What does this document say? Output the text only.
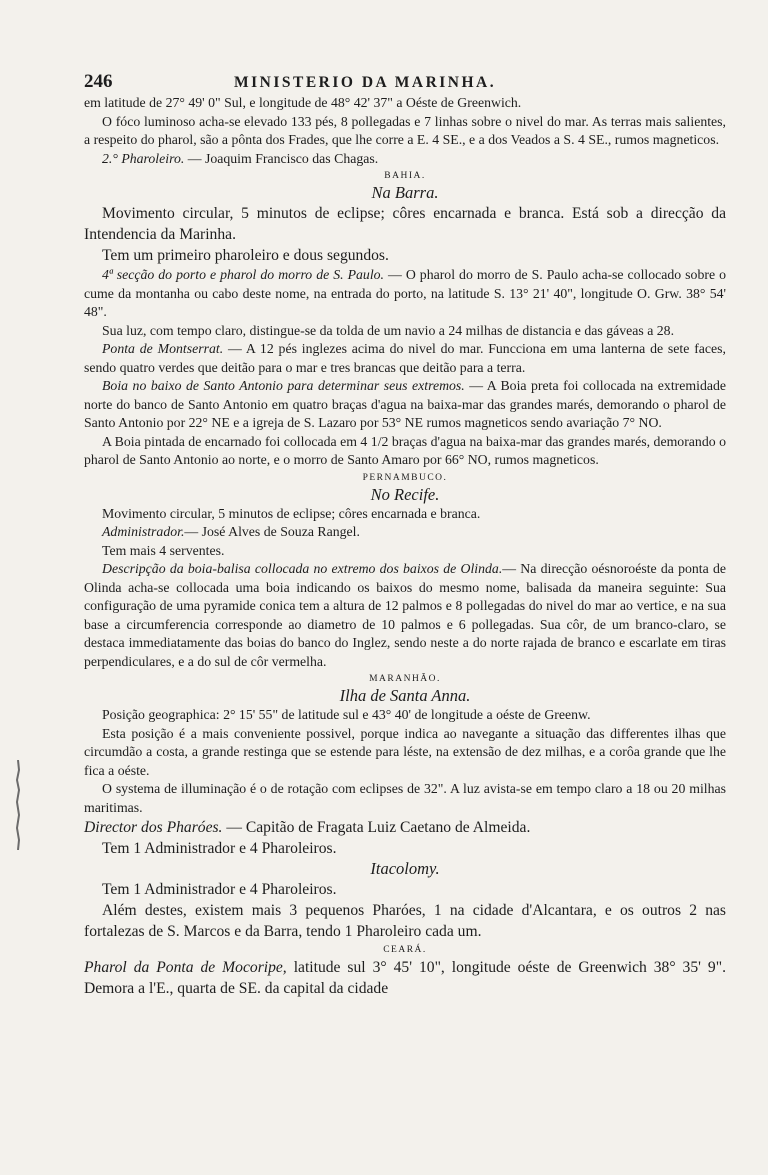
246	MINISTERIO DA MARINHA.

em latitude de 27° 49' 0" Sul, e longitude de 48° 42' 37" a Oéste de Greenwich.

O fóco luminoso acha-se elevado 133 pés, 8 pollegadas e 7 linhas sobre o nivel do mar. As terras mais salientes, a respeito do pharol, são a pônta dos Frades, que lhe corre a E. 4 SE., e a dos Veados a S. 4 SE., rumos magneticos.

2.° Pharoleiro. — Joaquim Francisco das Chagas.

BAHIA.
Na Barra.

Movimento circular, 5 minutos de eclipse; côres encarnada e branca. Está sob a direcção da Intendencia da Marinha.

Tem um primeiro pharoleiro e dous segundos.

4ª secção do porto e pharol do morro de S. Paulo. — O pharol do morro de S. Paulo acha-se collocado sobre o cume da montanha ou cabo deste nome, na entrada do porto, na latitude S. 13° 21' 40", longitude O. Grw. 38° 54' 48".

Sua luz, com tempo claro, distingue-se da tolda de um navio a 24 milhas de distancia e das gáveas a 28.

Ponta de Montserrat. — A 12 pés inglezes acima do nivel do mar. Funcciona em uma lanterna de sete faces, sendo quatro verdes que deitão para o mar e tres brancas que deitão para a terra.

Boia no baixo de Santo Antonio para determinar seus extremos. — A Boia preta foi collocada na extremidade norte do banco de Santo Antonio em quatro braças d'agua na baixa-mar das grandes marés, demorando o pharol de Santo Antonio por 22° NE e a igreja de S. Lazaro por 53° NE rumos magneticos sendo avariação 7° NO.

A Boia pintada de encarnado foi collocada em 4 1/2 braças d'agua na baixa-mar das grandes marés, demorando o pharol de Santo Antonio ao norte, e o morro de Santo Amaro por 66° NO, rumos magneticos.

PERNAMBUCO.
No Recife.

Movimento circular, 5 minutos de eclipse; côres encarnada e branca.

Administrador.— José Alves de Souza Rangel.

Tem mais 4 serventes.

Descripção da boia-balisa collocada no extremo dos baixos de Olinda.— Na direcção oésnoroéste da ponta de Olinda acha-se collocada uma boia indicando os baixos do mesmo nome, balisada da maneira seguinte: Sua configuração de uma pyramide conica tem a altura de 12 palmos e 8 pollegadas do nivel do mar ao vertice, e na sua base a circumferencia corresponde ao diametro de 10 palmos e 6 pollegadas. Sua côr, de um branco-claro, se destaca immediatamente das boias do banco do Inglez, sendo neste a do norte rajada de branco e escarlate em tiras perpendiculares, e a do sul de côr vermelha.

MARANHÃO.
Ilha de Santa Anna.

Posição geographica: 2° 15' 55" de latitude sul e 43° 40' de longitude a oéste de Greenw.

Esta posição é a mais conveniente possivel, porque indica ao navegante a situação das differentes ilhas que circumdão a costa, a grande restinga que se estende para léste, na extensão de dez milhas, e a corôa grande que lhe fica a oéste.

O systema de illuminação é o de rotação com eclipses de 32". A luz avista-se em tempo claro a 18 ou 20 milhas maritimas.

Director dos Pharóes. — Capitão de Fragata Luiz Caetano de Almeida.

Tem 1 Administrador e 4 Pharoleiros.

Itacolomy.

Tem 1 Administrador e 4 Pharoleiros.

Além destes, existem mais 3 pequenos Pharóes, 1 na cidade d'Alcantara, e os outros 2 nas fortalezas de S. Marcos e da Barra, tendo 1 Pharoleiro cada um.

CEARÁ.

Pharol da Ponta de Mocoripe, latitude sul 3° 45' 10", longitude oéste de Greenwich 38° 35' 9". Demora a l'E., quarta de SE. da capital da cidade
